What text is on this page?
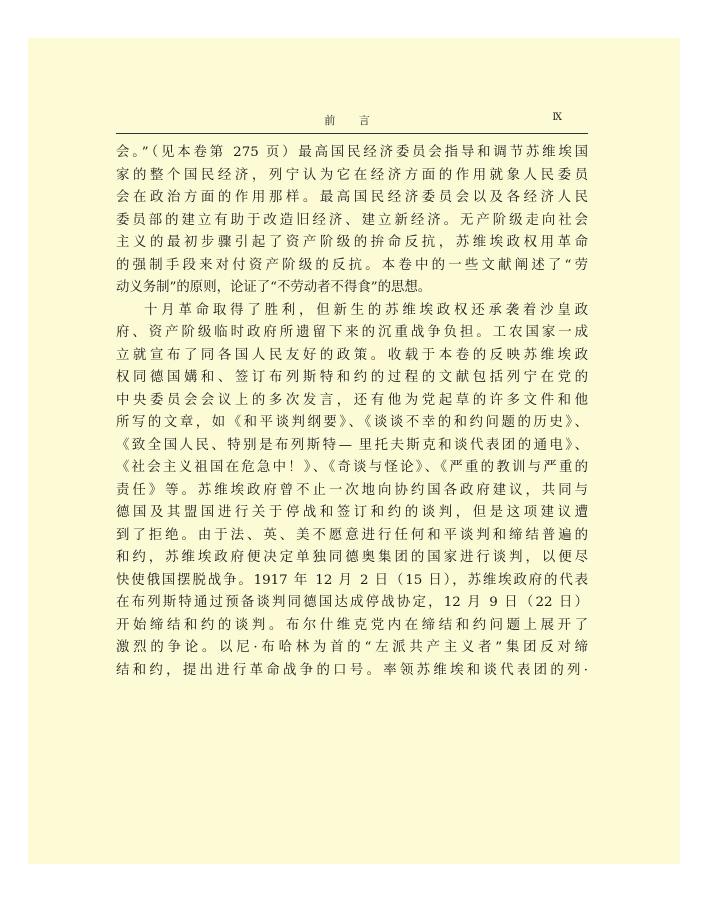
前 言	Ⅸ
会。”（见本卷第 275 页）最高国民经济委员会指导和调节苏维埃国
家的整个国民经济，列宁认为它在经济方面的作用就象人民委员
会在政治方面的作用那样。最高国民经济委员会以及各经济人民
委员部的建立有助于改造旧经济、建立新经济。无产阶级走向社会
主义的最初步骤引起了资产阶级的拚命反抗，苏维埃政权用革命
的强制手段来对付资产阶级的反抗。本卷中的一些文献阐述了“劳
动义务制”的原则，论证了“不劳动者不得食”的思想。
十月革命取得了胜利，但新生的苏维埃政权还承袭着沙皇政
府、资产阶级临时政府所遗留下来的沉重战争负担。工农国家一成
立就宣布了同各国人民友好的政策。收载于本卷的反映苏维埃政
权同德国媾和、签订布列斯特和约的过程的文献包括列宁在党的
中央委员会会议上的多次发言，还有他为党起草的许多文件和他
所写的文章，如《和平谈判纲要》、《谈谈不幸的和约问题的历史》、
《致全国人民、特别是布列斯特— 里托夫斯克和谈代表团的通电》、
《社会主义祖国在危急中！》、《奇谈与怪论》、《严重的教训与严重的
责任》等。苏维埃政府曾不止一次地向协约国各政府建议，共同与
德国及其盟国进行关于停战和签订和约的谈判，但是这项建议遭
到了拒绝。由于法、英、美不愿意进行任何和平谈判和缔结普遍的
和约，苏维埃政府便决定单独同德奥集团的国家进行谈判，以便尽
快使俄国摆脱战争。1917 年 12 月 2 日（15 日），苏维埃政府的代表
在布列斯特通过预备谈判同德国达成停战协定，12 月 9 日（22 日）
开始缔结和约的谈判。布尔什维克党内在缔结和约问题上展开了
激烈的争论。以尼·布哈林为首的“左派共产主义者”集团反对缔
结和约，提出进行革命战争的口号。率领苏维埃和谈代表团的列·
